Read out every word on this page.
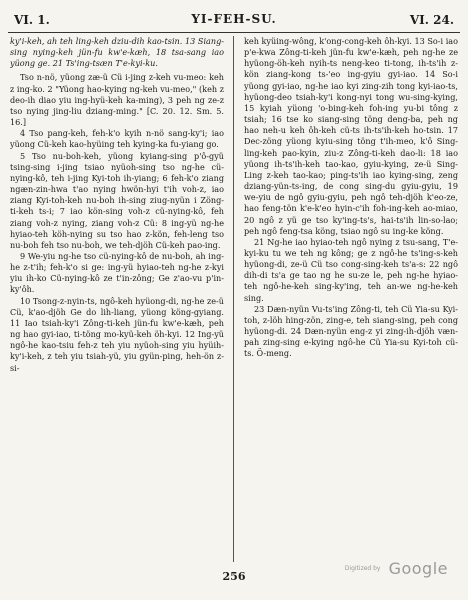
VI. 1.	YI-FEH-SU.	VI. 24.

ky'i-keh, ah teh ling-keh dziu-dih kao-tsin. 13 Siang-sing nying-keh jün-fu kw'e-kæh, 18 tsa-sang iao yüong ge. 21 Ts'ing-tsæn T'e-kyi-ku.

Tso n-nö, yüong zæ-ü Cü i-jing z-keh vu-meo: keh z ing-ko. 2 "Yüong hao-kying ng-keh vu-meo," (keh z deo-ih diao yiu ing-hyü-keh ka-ming), 3 peh ng ze-z tso nying jing-liu dziang-ming." [C. 20. 12. Sm. 5. 16.]

4 Tso pang-keh, feh-k'o kyih n-nö sang-ky'i; iao yüong Cü-keh kao-hyüing teh kying-ka fu-yiang go.

5 Tso nu-boh-keh, yüong kyiang-sing p'ô-gyü tsing-sing i-jing tsiao nyüoh-sing tso ng-he cü-nying-kô, teh i-jing Kyi-toh ih-yiang; 6 feh-k'o ziang ngæn-zin-hwa t'ao nying hwön-hyi t'ih voh-z, iao ziang Kyi-toh-keh nu-boh ih-sing ziug-nyün i Zöng-ti-keh ts-i; 7 iao kön-sing voh-z cü-nying-kô, feh ziang voh-z nying, ziang voh-z Cü: 8 ing-yü ng-he hyiao-teh köh-nying su tso hao z-kön, feh-leng tso nu-boh feh tso nu-boh, we teh-djöh Cü-keh pao-ing.

9 We-yiu ng-he tso cü-nying-kô de nu-boh, ah ing-he z-t'ih; feh-k'o si ge: ing-yü hyiao-teh ng-he z-kyi yiu ih-ko Cü-nying-kô ze t'in-zông; Ge z'ao-vu p'in-ky'ôh.

10 Tsong-z-nyin-ts, ngô-keh hyüong-di, ng-he ze-ü Cü, k'ao-djöh Ge do lih-liang, yüong köng-gyiang. 11 Iao tsiah-ky'i Zông-ti-keh jün-fu kw'e-kæh, peh ng hao gyi-iao, ti-töng mo-kyü-keh öh-kyi. 12 Ing-yü ngô-he kao-tsiu feh-z teh yiu nyüoh-sing yiu hyüih-ky'i-keh, z teh yiu tsiah-yü, yiu gyün-ping, heh-ön z-si-

keh kyüing-wông, k'ong-cong-keh ôh-kyi. 13 So-i iao p'e-kwa Zông-ti-keh jün-fu kw'e-kæh, peh ng-he ze hyüong-öh-keh nyih-ts neng-keo ti-tong, ih-ts'ih z-kön ziang-kong ts-'eo ing-gyiu gyi-iao. 14 So-i yüong gyi-iao, ng-he iao kyi zing-zih tong kyi-iao-ts, hyüong-deo tsiah-ky'i kong-nyi tong wu-sing-kying, 15 kyiah yüong 'o-bing-keh foh-ing yu-bi tông z tsiah; 16 tse ko siang-sing töng deng-ba, peh ng hao neh-u keh ôh-keh cü-ts ih-ts'ih-keh ho-tsin. 17 Dec-zöng yüong kyiu-sing töng t'ih-meo, k'ô Sing-ling-keh pao-kyin, ziu-z Zông-ti-keh dao-li: 18 iao yüong ih-ts'ih-keh tao-kao, gyiu-kying, ze-ü Sing-Ling z-keh tao-kao; ping-ts'ih iao kying-sing, zeng dziang-yün-ts-ing, de cong sing-du gyiu-gyiu, 19 we-yiu de ngô gyiu-gyiu, peh ngô teh-djöh k'eo-ze, hao feng-tön k'e-k'eo hyin-c'ih foh-ing-keh ao-miao, 20 ngô z yü ge tso ky'ing-ts's, hai-ts'ih lin-so-lao; peh ngô feng-tsa köng, tsiao ngô su ing-ke köng.

21 Ng-he iao hyiao-teh ngô nying z tsu-sang, T'e-kyi-ku tu we teh ng kông; ge z ngô-he ts'ing-s-keh hyüong-di, ze-ü Cü tso cong-sing-keh ts'a-s: 22 ngô dih-di ts'a ge tao ng he su-ze le, peh ng-he hyiao-teh ngô-he-keh sing-ky'ing, teh an-we ng-he-keh sing.

23 Dæn-nyün Vu-ts'ing Zông-ti, teh Cü Yia-su Kyi-toh, z-löh hing-zön, zing-e, teh siang-sing, peh cong hyüong-di. 24 Dæn-nyün eng-z yi zing-ih-djöh væn-pah zing-sing e-kying ngô-he Cü Yia-su Kyi-toh cü-ts. Ö-meng.

256
Digitized by Google
